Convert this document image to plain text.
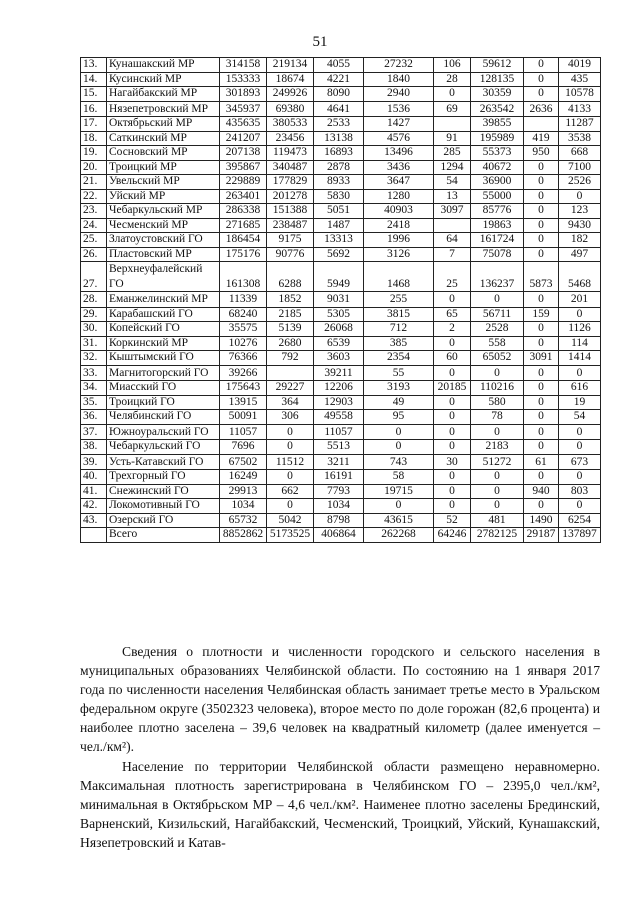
51
13.	Кунашакский МР	314158	219134	4055	27232	106	59612	0	4019
14.	Кусинский МР	153333	18674	4221	1840	28	128135	0	435
15.	Нагайбакский МР	301893	249926	8090	2940	0	30359	0	10578
16.	Нязепетровский МР	345937	69380	4641	1536	69	263542	2636	4133
17.	Октябрьский МР	435635	380533	2533	1427		39855		11287
18.	Саткинский МР	241207	23456	13138	4576	91	195989	419	3538
19.	Сосновский МР	207138	119473	16893	13496	285	55373	950	668
20.	Троицкий МР	395867	340487	2878	3436	1294	40672	0	7100
21.	Увельский МР	229889	177829	8933	3647	54	36900	0	2526
22.	Уйский МР	263401	201278	5830	1280	13	55000	0	0
23.	Чебаркульский МР	286338	151388	5051	40903	3097	85776	0	123
24.	Чесменский МР	271685	238487	1487	2418		19863	0	9430
25.	Златоустовский ГО	186454	9175	13313	1996	64	161724	0	182
26.	Пластовский МР	175176	90776	5692	3126	7	75078	0	497
27.	Верхнеуфалейский ГО	161308	6288	5949	1468	25	136237	5873	5468
28.	Еманжелинский МР	11339	1852	9031	255	0	0	0	201
29.	Карабашский ГО	68240	2185	5305	3815	65	56711	159	0
30.	Копейский ГО	35575	5139	26068	712	2	2528	0	1126
31.	Коркинский МР	10276	2680	6539	385	0	558	0	114
32.	Кыштымский ГО	76366	792	3603	2354	60	65052	3091	1414
33.	Магнитогорский ГО	39266		39211	55	0	0	0	0
34.	Миасский ГО	175643	29227	12206	3193	20185	110216	0	616
35.	Троицкий ГО	13915	364	12903	49	0	580	0	19
36.	Челябинский ГО	50091	306	49558	95	0	78	0	54
37.	Южноуральский ГО	11057	0	11057	0	0	0	0	0
38.	Чебаркульский ГО	7696	0	5513	0	0	2183	0	0
39.	Усть-Катавский ГО	67502	11512	3211	743	30	51272	61	673
40.	Трехгорный ГО	16249	0	16191	58	0	0	0	0
41.	Снежинский ГО	29913	662	7793	19715	0	0	940	803
42.	Локомотивный ГО	1034	0	1034	0	0	0	0	0
43.	Озерский ГО	65732	5042	8798	43615	52	481	1490	6254
	Всего	8852862	5173525	406864	262268	64246	2782125	29187	137897

Сведения о плотности и численности городского и сельского населения в муниципальных образованиях Челябинской области. По состоянию на 1 января 2017 года по численности населения Челябинская область занимает третье место в Уральском федеральном округе (3502323 человека), второе место по доле горожан (82,6 процента) и наиболее плотно заселена – 39,6 человек на квадратный километр (далее именуется – чел./км²).

Население по территории Челябинской области размещено неравномерно. Максимальная плотность зарегистрирована в Челябинском ГО – 2395,0 чел./км², минимальная в Октябрьском МР – 4,6 чел./км². Наименее плотно заселены Брединский, Варненский, Кизильский, Нагайбакский, Чесменский, Троицкий, Уйский, Кунашакский, Нязепетровский и Катав-
